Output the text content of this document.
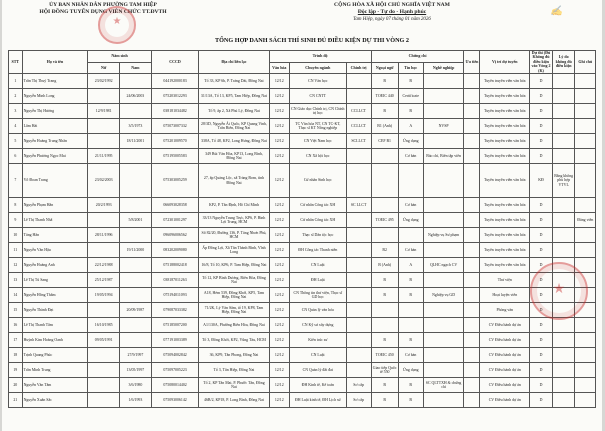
ỦY BAN NHÂN DÂN PHƯỜNG TAM HIỆP
HỘI ĐỒNG TUYỂN DỤNG VIÊN CHỨC TT.ĐVTH
CỘNG HÒA XÃ HỘI CHỦ NGHĨA VIỆT NAM
Độc lập - Tự do - Hạnh phúc
Tam Hiệp, ngày 07 tháng 01 năm 2026
TỔNG HỢP DANH SÁCH THÍ SINH ĐỦ ĐIỀU KIỆN DỰ THI VÒNG 2
STT	Họ và tên	Năm sinh		CCCD	Địa chỉ liên lạc	Trình độ			Chứng chỉ			Ưu tiên	Vị trí dự tuyển	Dự thi (Đủ Không đủ điều kiện vào Vòng 2 (K)	Lý do không đủ điều kiện	Ghi chú
		Nữ	Nam			Văn hóa	Chuyên ngành	Chính trị	Ngoại ngữ	Tin học	Nghề nghiệp					
1	Trần Thị Thuý Trang	23/02/1992		044192000183	Tổ 33, KP 6b, P. Trảng Dài, Đồng Nai	12/12	CN Văn học		B	B			Tuyên truyền viên văn hóa	D		
2	Nguyễn Minh Long		24/06/2003	075203012293	31/13A, Tổ 13, KP5, Tam Hiệp, Đồng Nai	12/12	CN CNTT		TOEIC 440	Certificate			Tuyên truyền viên văn hóa	D		
3	Nguyễn Thị Hương	12/9/1981		038181034482	Tổ 9, ấp 2, Xã Phú Lý, Đồng Nai	12/12	CN Giáo dục Chính trị, CN Chính trị học	CCLLCT	B	B			Tuyên truyền viên văn hóa	D		
4	Lâm Hải		3/5/1973	075073007332	28/3D, Nguyễn Ái Quốc, KP Quang Vinh, Trấn Biên, Đồng Nai	12/12	TC Văn hóa NT, CN TC-KT, Thạc sĩ KT Nông nghiệp	CCLLCT	B1 (Anh)	A	NVSP		Tuyên truyền viên văn hóa	D		
5	Nguyễn Hoàng Trung Nhân		18/11/2001	075201009570	338A, Tổ 48, KP2, Long Hưng, Đồng Nai	12/12	CN Việt Nam học	SCLLCT	CEF B1	Ứng dụng			Tuyên truyền viên văn hóa	D		
6	Nguyễn Phương Ngọc Mai	21/11/1995		075195005583	349 Bùi Văn Hòa, KP13, Long Bình, Đồng Nai	12/12	CN Xã hội học			Cơ bản	Báo chí, Biên tập viên		Tuyên truyền viên văn hóa	D		
7	Võ Đoan Trang	23/02/2003		075303005259	27, ấp Quảng Lộc, xã Trảng Bom, tỉnh Đồng Nai	12/12	Cử nhân Sinh học						Tuyên truyền viên văn hóa	KĐ	Bằng không phù hợp VTVL	
8	Nguyễn Phạm Hân	20/2/1993		066093028358	KP2, P. Tân Định, Hồ Chí Minh	12/12	Cử nhân Công tác XH	SC LLCT		Cơ bản			Tuyên truyền viên văn hóa	D		
9	Lê Thị Thanh Nhã		5/8/2001	072301001297	33/13 Nguyễn Trung Trực, KP6, P. Bình Lợi Trung, HCM	12/12	Cử nhân Công tác XH		TOEIC 495	Ứng dụng			Tuyên truyền viên văn hóa	D		Đăng viên
10	Tăng Hân	28/11/1996		096096006562	Số 82/20, Đường 136, P. Tăng Nhơn Phú, HCM	12/12	Thạc sĩ Dân tộc học				Nghiệp vụ Sư phạm		Tuyên truyền viên văn hóa	D		
11	Nguyễn Văn Hậu		19/11/2000	083202009080	Ấp Đồng Lợi, Xã Tân Thành Bình, Vĩnh Long	12/12	ĐH Công tác Thanh niên		B2	Cơ bản			Tuyên truyền viên văn hóa	D		
12	Nguyễn Hoàng Anh	22/12/1988		075188002418	16/8, Tổ 10, KP6, P. Tam Hiệp, Đồng Nai	12/12	CN Luật		B (Anh)	A	QLHC ngạch CV		Tuyên truyền viên văn hóa	D		
13	Lê Thị Tú Sang	25/12/1987		038187011263	Tổ 12, KP Bình Dương, Biên Hòa, Đồng Nai	12/12	ĐH Luật		B	B			Thư viện	D		
14	Nguyễn Hồng Thắm	19/05/1994		075194011093	A18, Hẻm 539, Đồng Khởi, KP5, Tam Hiệp, Đồng Nai	12/12	CN Thông tin thư viện, Thạc sĩ GD học		B	B	Nghiệp vụ GD		Hoạt luyện viên	D		
15	Nguyễn Thành Đạt		20/09/1987	079087033382	71/2K, Lý Văn Sâm, tổ 19, KP8, Tam Hiệp, Đồng Nai	12/12	CN Quản lý văn hóa						Phòng văn	D		
16	Lê Thị Thanh Tâm	16/10/1985		075185007200	A1/130A, Phường Biên Hòa, Đồng Nai	12/12	CN Kỹ sư xây dựng						CV Điều hành dự án	D		
17	Huỳnh Kim Hoàng Oanh	09/05/1991		077191003389	Tổ 3, Đồng Khởi, KP2, Vũng Tàu, HCM	12/12	Kiến trúc sư		B	B			CV Điều hành dự án	D		
18	Trịnh Quang Phúc		27/9/1997	075094002842	36, KP9, Tân Phong, Đồng Nai	12/12	CN Luật		TOEIC 450	Cơ bản			CV Điều hành dự án	D		
19	Trần Minh Trung		13/05/1997	075097005223	Tổ 3, Tân Hiệp, Đồng Nai	12/12	CN Quản lý đất đai		Giao tiếp Quốc tế 550	Ứng dụng			CV Điều hành dự án	D		
20	Nguyễn Văn Tâm		3/6/1980	075080014402	Tổ 2, KP Tân Mai, P. Phước Tân, Đồng Nai	12/12	ĐH Kinh tế, Kế toán	Sơ cấp	B	B	SC QLTTXH & chứng chỉ		CV Điều hành dự án	D		
21	Nguyễn Xuân Sắc		1/6/1993	075093006142	46B/2, KP18, P. Long Bình, Đồng Nai	12/12	ĐH Luật kinh tế, ĐH Lịch sử	Sơ cấp	B	B			CV Điều hành dự án	D		
★
★
✍
